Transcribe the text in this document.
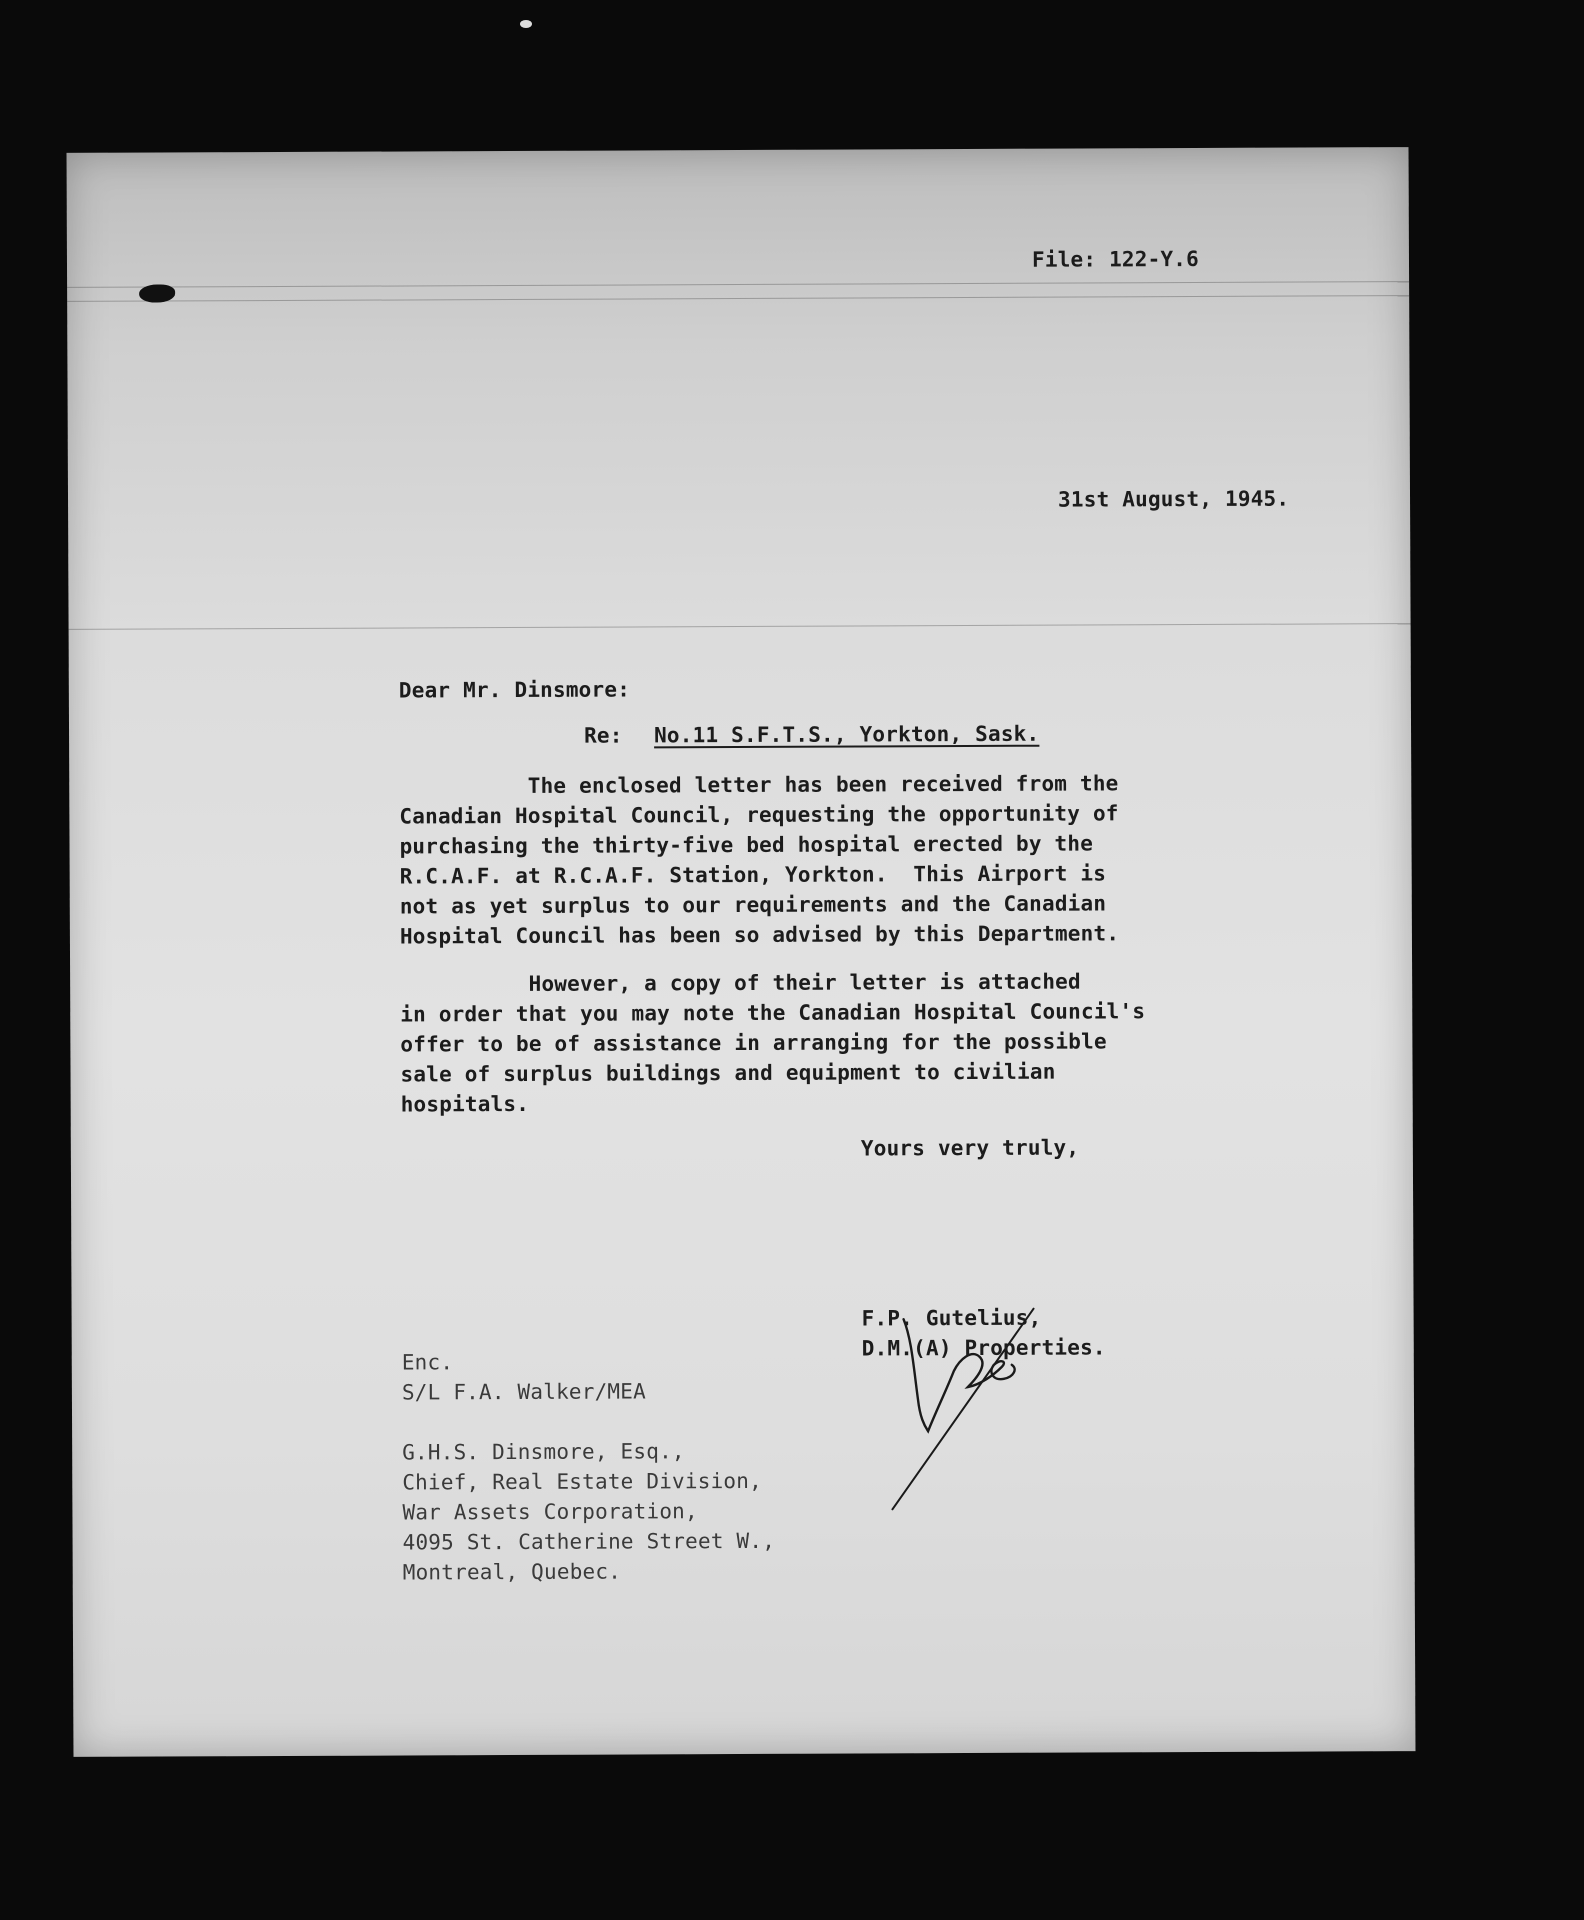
File: 122-Y.6
31st August, 1945.
Dear Mr. Dinsmore:
Re: No.11 S.F.T.S., Yorkton, Sask.
The enclosed letter has been received from the
Canadian Hospital Council, requesting the opportunity of
purchasing the thirty-five bed hospital erected by the
R.C.A.F. at R.C.A.F. Station, Yorkton.  This Airport is
not as yet surplus to our requirements and the Canadian
Hospital Council has been so advised by this Department.
However, a copy of their letter is attached
in order that you may note the Canadian Hospital Council's
offer to be of assistance in arranging for the possible
sale of surplus buildings and equipment to civilian
hospitals.
Yours very truly,
F.P. Gutelius,
D.M.(A) Properties.
Enc.
S/L F.A. Walker/MEA
G.H.S. Dinsmore, Esq.,
Chief, Real Estate Division,
War Assets Corporation,
4095 St. Catherine Street W.,
Montreal, Quebec.
